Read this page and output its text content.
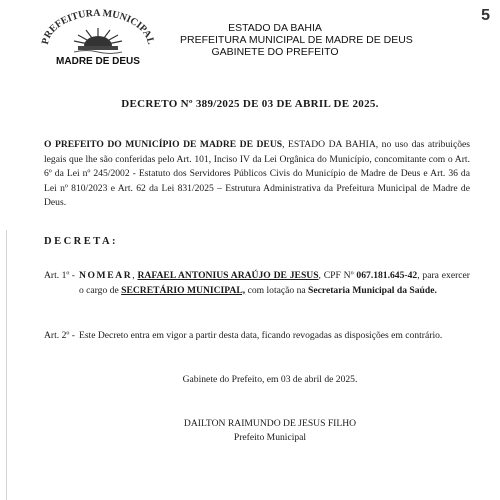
PREFEITURA MUNICIPAL
MADRE DE DEUS
ESTADO DA BAHIA
PREFEITURA MUNICIPAL DE MADRE DE DEUS
GABINETE DO PREFEITO
5
DECRETO Nº 389/2025 DE 03 DE ABRIL DE 2025.
O PREFEITO DO MUNICÍPIO DE MADRE DE DEUS, ESTADO DA BAHIA, no uso das atribuições legais que lhe são conferidas pelo Art. 101, Inciso IV da Lei Orgânica do Município, concomitante com o Art. 6º da Lei nº 245/2002 - Estatuto dos Servidores Públicos Civis do Município de Madre de Deus e Art. 36 da Lei nº 810/2023 e Art. 62 da Lei 831/2025 – Estrutura Administrativa da Prefeitura Municipal de Madre de Deus.
DECRETA:
Art. 1º - NOMEAR, RAFAEL ANTONIUS ARAÚJO DE JESUS, CPF Nº 067.181.645-42, para exercer o cargo de SECRETÁRIO MUNICIPAL, com lotação na Secretaria Municipal da Saúde.
Art. 2º - Este Decreto entra em vigor a partir desta data, ficando revogadas as disposições em contrário.
Gabinete do Prefeito, em 03 de abril de 2025.
DAILTON RAIMUNDO DE JESUS FILHO
Prefeito Municipal
